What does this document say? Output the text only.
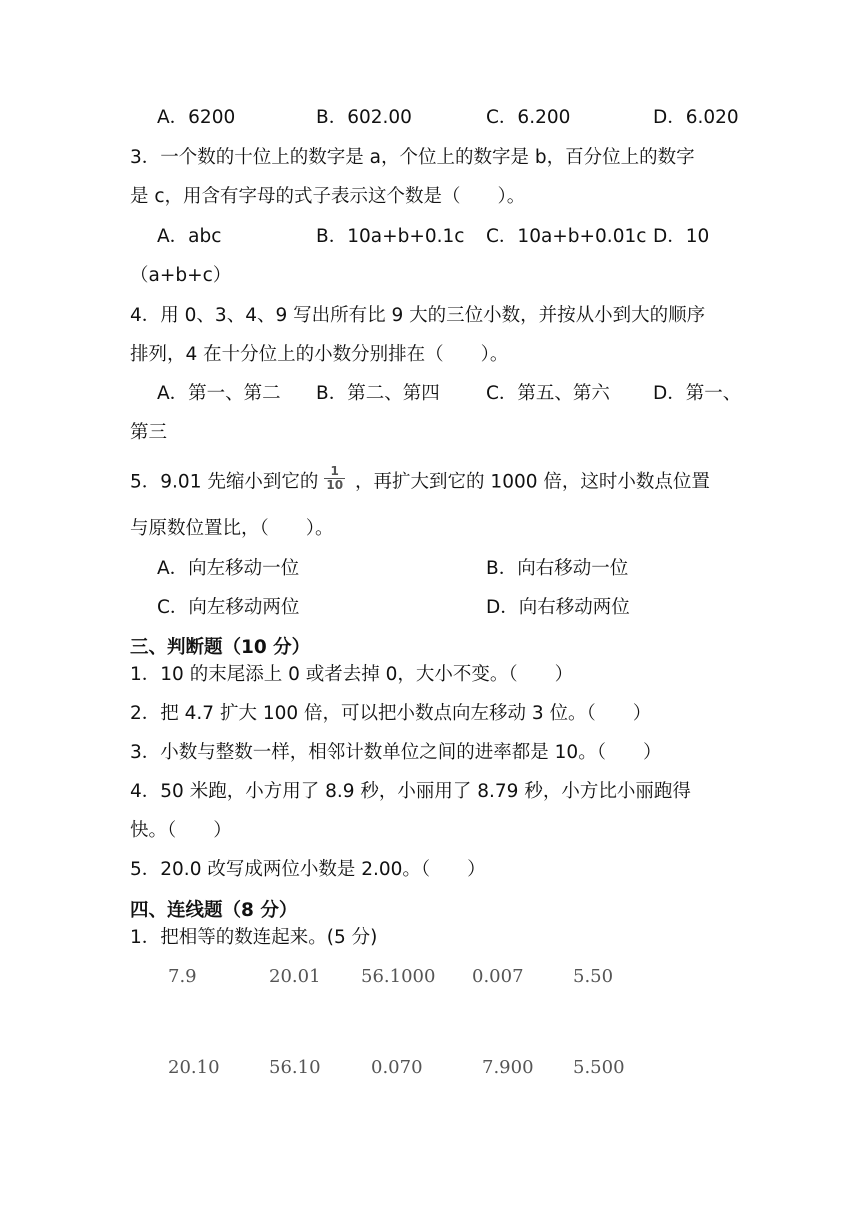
A．6200	B．602.00	C．6.200	D．6.020
3．一个数的十位上的数字是 a，个位上的数字是 b，百分位上的数字
是 c，用含有字母的式子表示这个数是（　　）。
A．abc	B．10a+b+0.1c C．10a+b+0.01c D．10
（a+b+c）
4．用 0、3、4、9 写出所有比 9 大的三位小数，并按从小到大的顺序
排列，4 在十分位上的小数分别排在（　　）。
A．第一、第二 B．第二、第四	C．第五、第六 D．第一、
第三
5．9.01 先缩小到它的 $\frac{1}{10}$ ，再扩大到它的 1000 倍，这时小数点位置
与原数位置比，（　　）。
A．向左移动一位	B．向右移动一位
C．向左移动两位	D．向右移动两位
三、判断题（10 分）
1．10 的末尾添上 0 或者去掉 0，大小不变。（　　）
2．把 4.7 扩大 100 倍，可以把小数点向左移动 3 位。（　　）
3．小数与整数一样，相邻计数单位之间的进率都是 10。（　　）
4．50 米跑，小方用了 8.9 秒，小丽用了 8.79 秒，小方比小丽跑得
快。（　　）
5．20.0 改写成两位小数是 2.00。（　　）
四、连线题（8 分）
1．把相等的数连起来。(5 分)
7.9	20.01 56.1000 0.007	5.50
20.10	56.10	0.070	7.900 5.500
